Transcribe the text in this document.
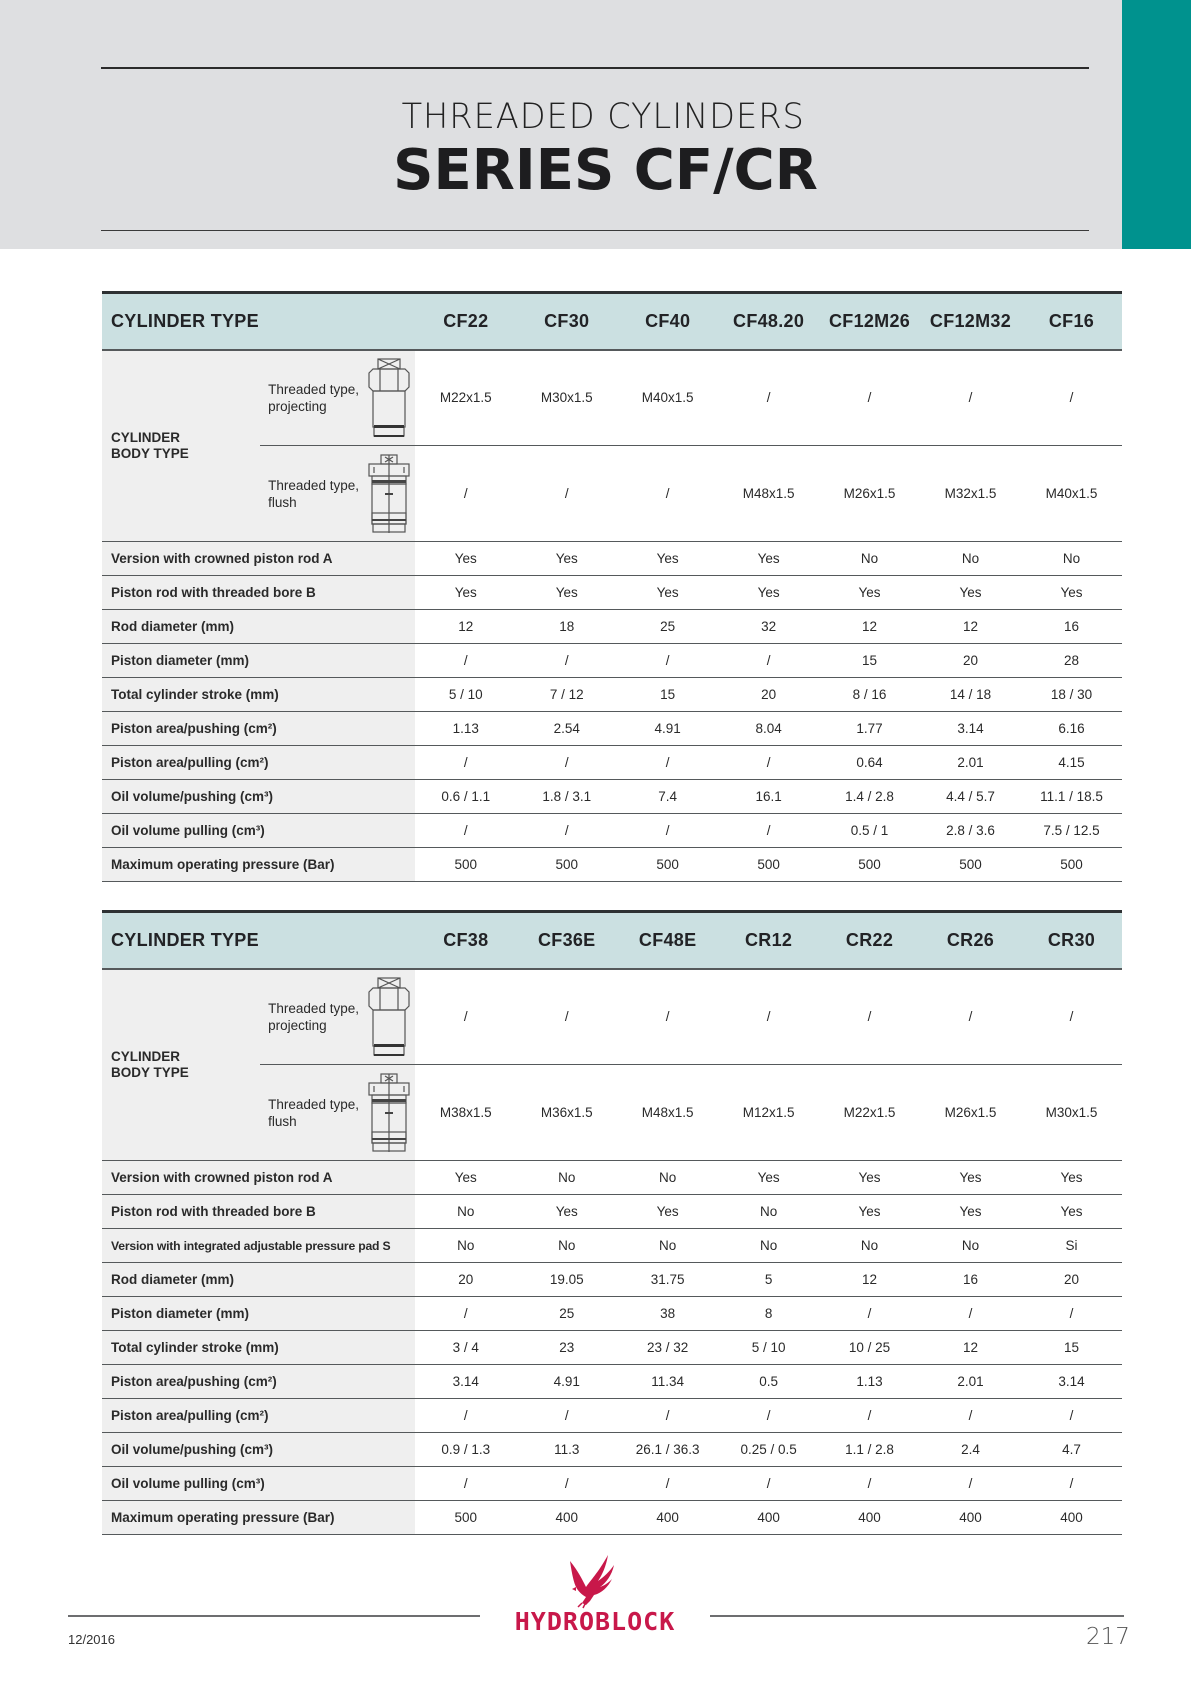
THREADED CYLINDERS
SERIES CF/CR
CYLINDER TYPE		CF22	CF30	CF40	CF48.20	CF12M26	CF12M32	CF16
CYLINDER BODY TYPE	Threaded type, projecting	M22x1.5	M30x1.5	M40x1.5	/	/	/	/

	Threaded type, flush	/	/	/	M48x1.5	M26x1.5	M32x1.5	M40x1.5
Version with crowned piston rod A		Yes	Yes	Yes	Yes	No	No	No
Piston rod with threaded bore B		Yes	Yes	Yes	Yes	Yes	Yes	Yes
Rod diameter (mm)		12	18	25	32	12	12	16
Piston diameter (mm)		/	/	/	/	15	20	28
Total cylinder stroke (mm)		5 / 10	7 / 12	15	20	8 / 16	14 / 18	18 / 30
Piston area/pushing (cm²)		1.13	2.54	4.91	8.04	1.77	3.14	6.16
Piston area/pulling (cm²)		/	/	/	/	0.64	2.01	4.15
Oil volume/pushing (cm³)		0.6 / 1.1	1.8 / 3.1	7.4	16.1	1.4 / 2.8	4.4 / 5.7	11.1 / 18.5
Oil volume pulling (cm³)		/	/	/	/	0.5 / 1	2.8 / 3.6	7.5 / 12.5
Maximum operating pressure (Bar)		500	500	500	500	500	500	500
CYLINDER TYPE		CF38	CF36E	CF48E	CR12	CR22	CR26	CR30
CYLINDER BODY TYPE	Threaded type, projecting	/	/	/	/	/	/	/

	Threaded type, flush	M38x1.5	M36x1.5	M48x1.5	M12x1.5	M22x1.5	M26x1.5	M30x1.5
Version with crowned piston rod A		Yes	No	No	Yes	Yes	Yes	Yes
Piston rod with threaded bore B		No	Yes	Yes	No	Yes	Yes	Yes
Version with integrated adjustable pressure pad S		No	No	No	No	No	No	Si
Rod diameter (mm)		20	19.05	31.75	5	12	16	20
Piston diameter (mm)		/	25	38	8	/	/	/
Total cylinder stroke (mm)		3 / 4	23	23 / 32	5 / 10	10 / 25	12	15
Piston area/pushing (cm²)		3.14	4.91	11.34	0.5	1.13	2.01	3.14
Piston area/pulling (cm²)		/	/	/	/	/	/	/
Oil volume/pushing (cm³)		0.9 / 1.3	11.3	26.1 / 36.3	0.25 / 0.5	1.1 / 2.8	2.4	4.7
Oil volume pulling (cm³)		/	/	/	/	/	/	/
Maximum operating pressure (Bar)		500	400	400	400	400	400	400
12/2016	217
HYDROBLOCK
